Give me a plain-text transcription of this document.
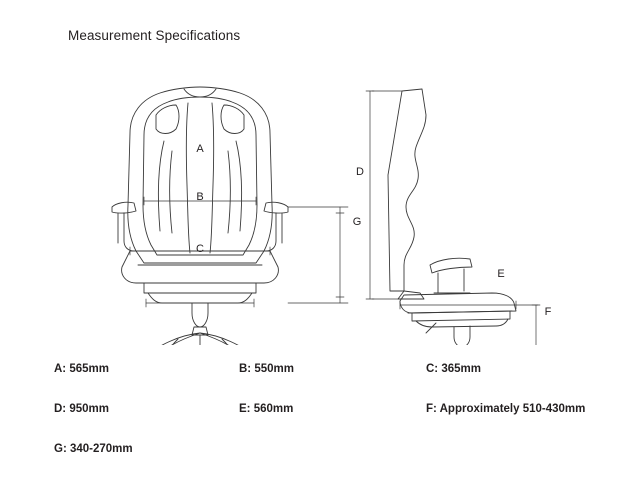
Measurement Specifications
A
B
C
G
D
E
F
A: 565mm	B: 550mm	C: 365mm
D: 950mm	E: 560mm	F: Approximately 510-430mm
G: 340-270mm
